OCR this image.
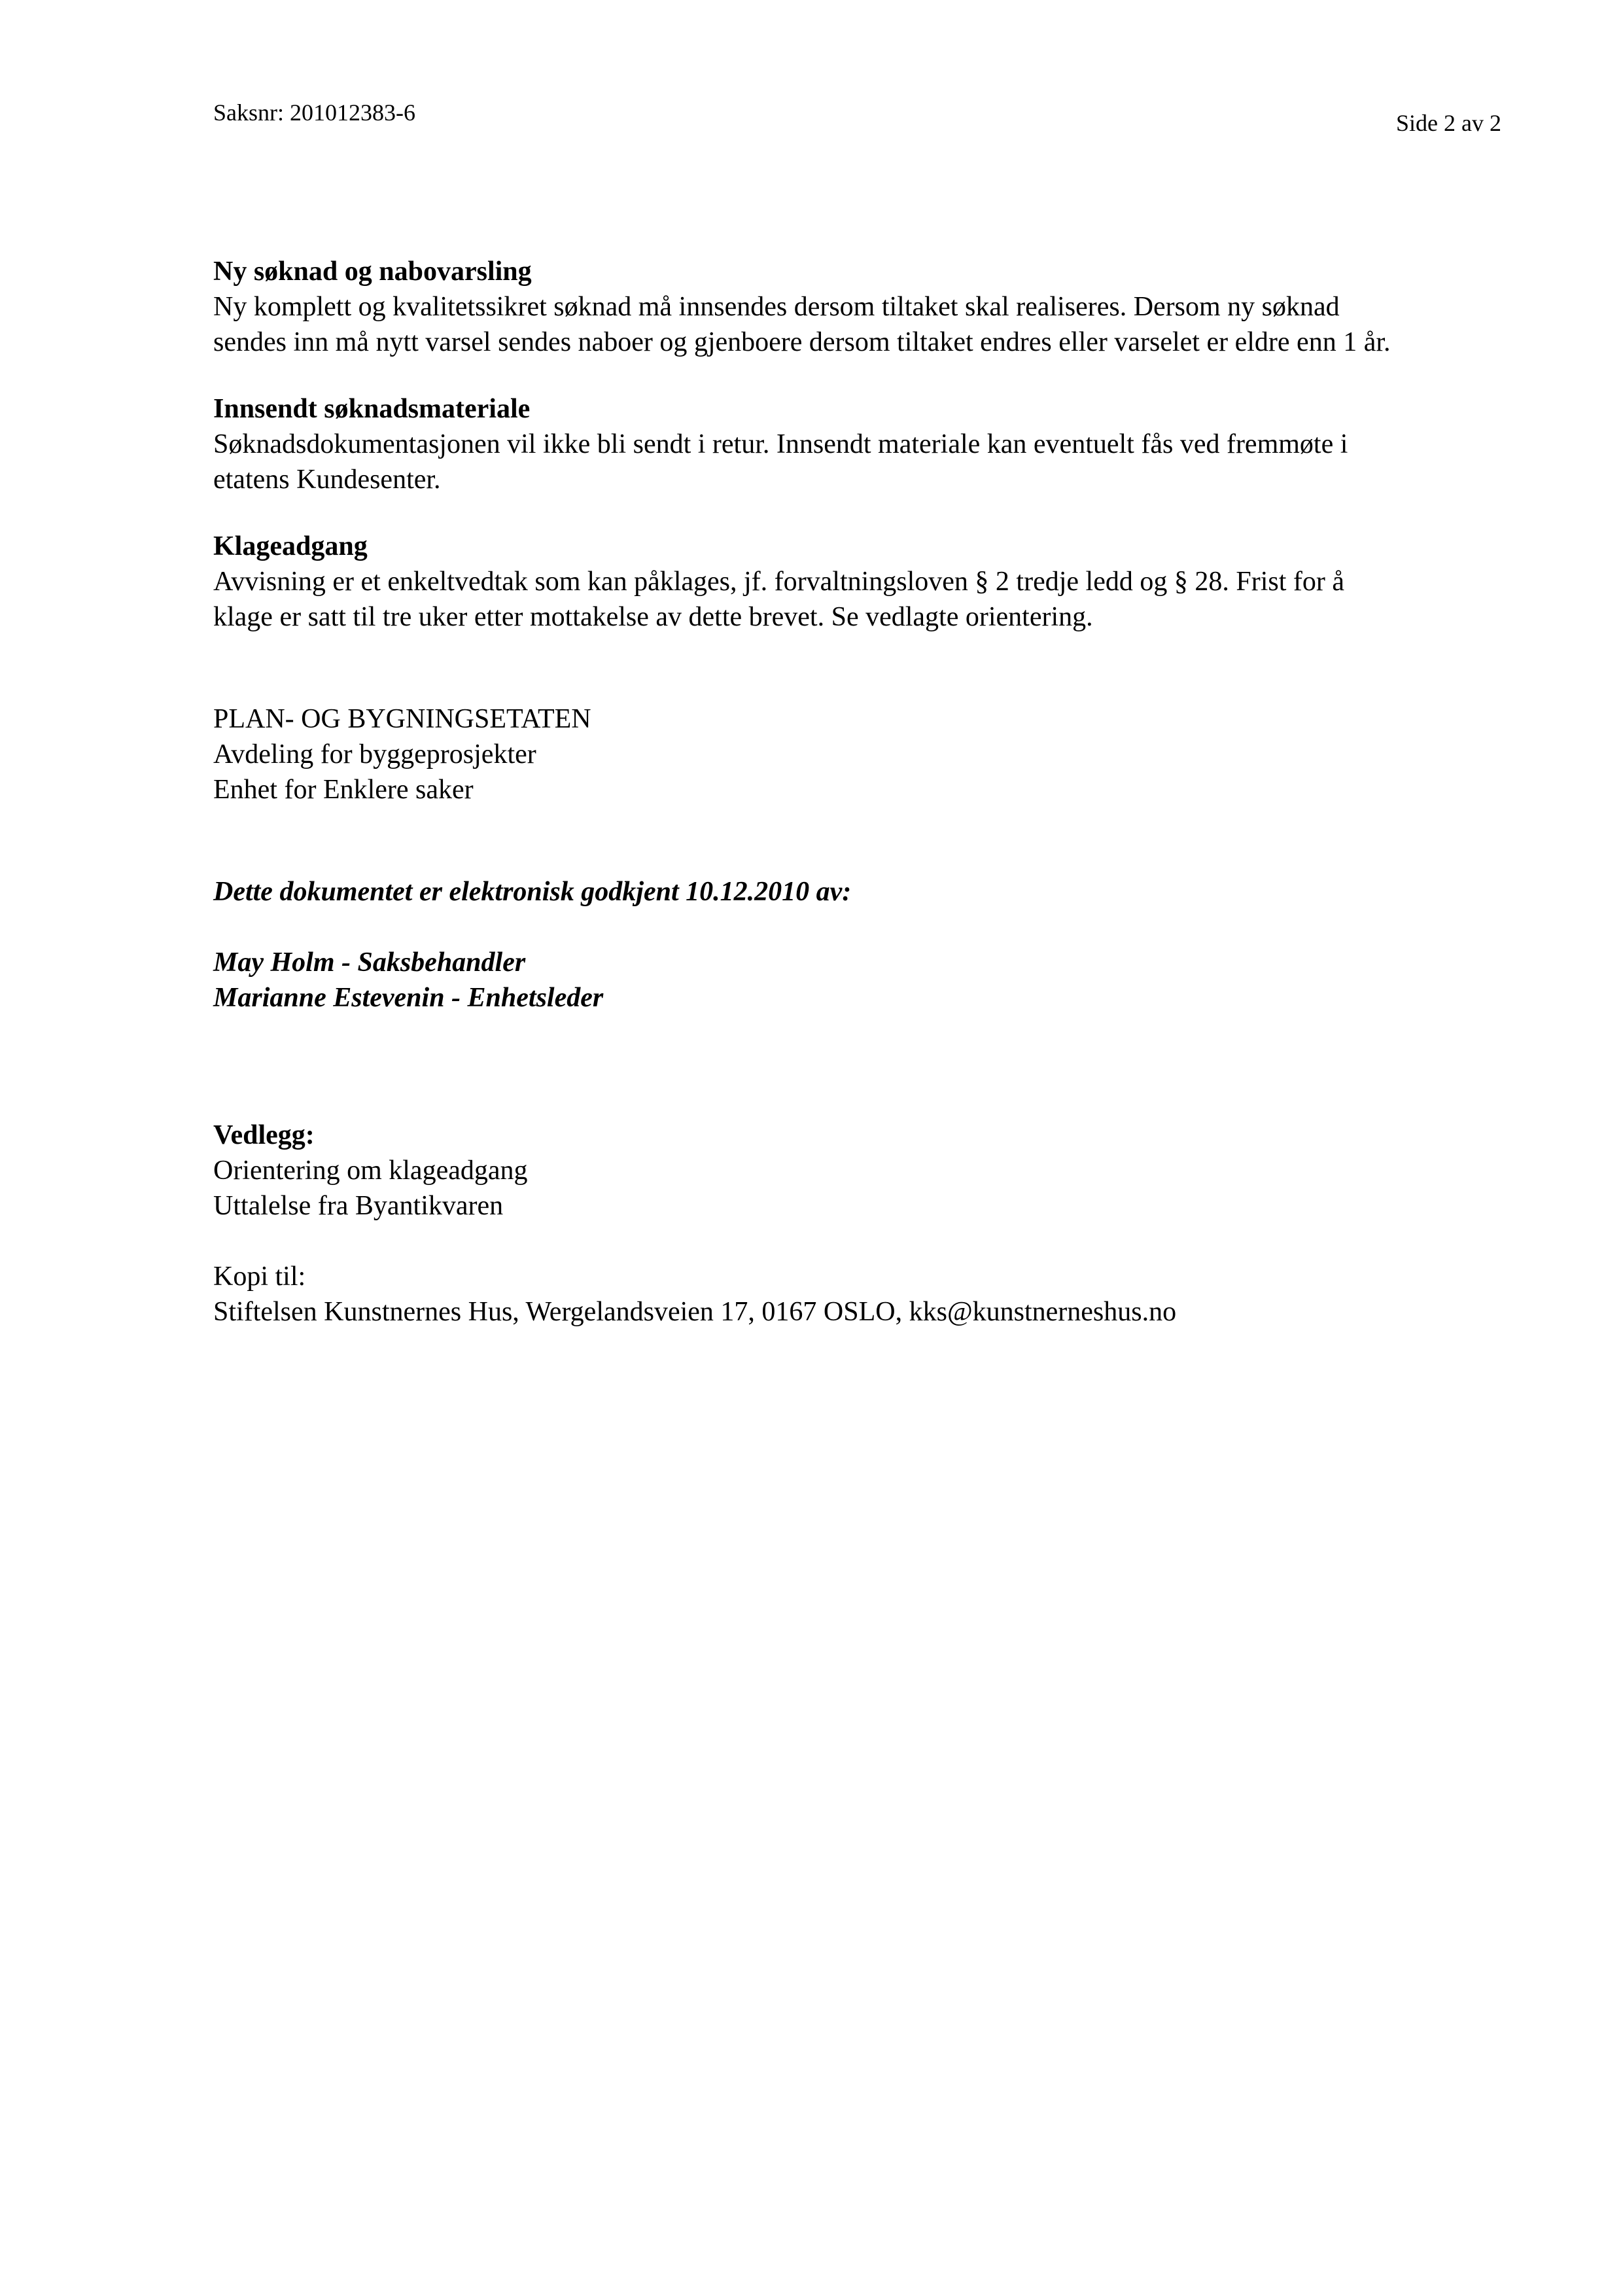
Saksnr: 201012383-6	Side 2 av 2
Ny søknad og nabovarsling
Ny komplett og kvalitetssikret søknad må innsendes dersom tiltaket skal realiseres. Dersom ny søknad
sendes inn må nytt varsel sendes naboer og gjenboere dersom tiltaket endres eller varselet er eldre enn 1 år.
Innsendt søknadsmateriale
Søknadsdokumentasjonen vil ikke bli sendt i retur. Innsendt materiale kan eventuelt fås ved fremmøte i
etatens Kundesenter.
Klageadgang
Avvisning er et enkeltvedtak som kan påklages, jf. forvaltningsloven § 2 tredje ledd og § 28. Frist for å
klage er satt til tre uker etter mottakelse av dette brevet. Se vedlagte orientering.
PLAN- OG BYGNINGSETATEN
Avdeling for byggeprosjekter
Enhet for Enklere saker
Dette dokumentet er elektronisk godkjent 10.12.2010 av:
May Holm - Saksbehandler
Marianne Estevenin - Enhetsleder
Vedlegg:
Orientering om klageadgang
Uttalelse fra Byantikvaren
Kopi til:
Stiftelsen Kunstnernes Hus, Wergelandsveien 17, 0167 OSLO, kks@kunstnerneshus.no
